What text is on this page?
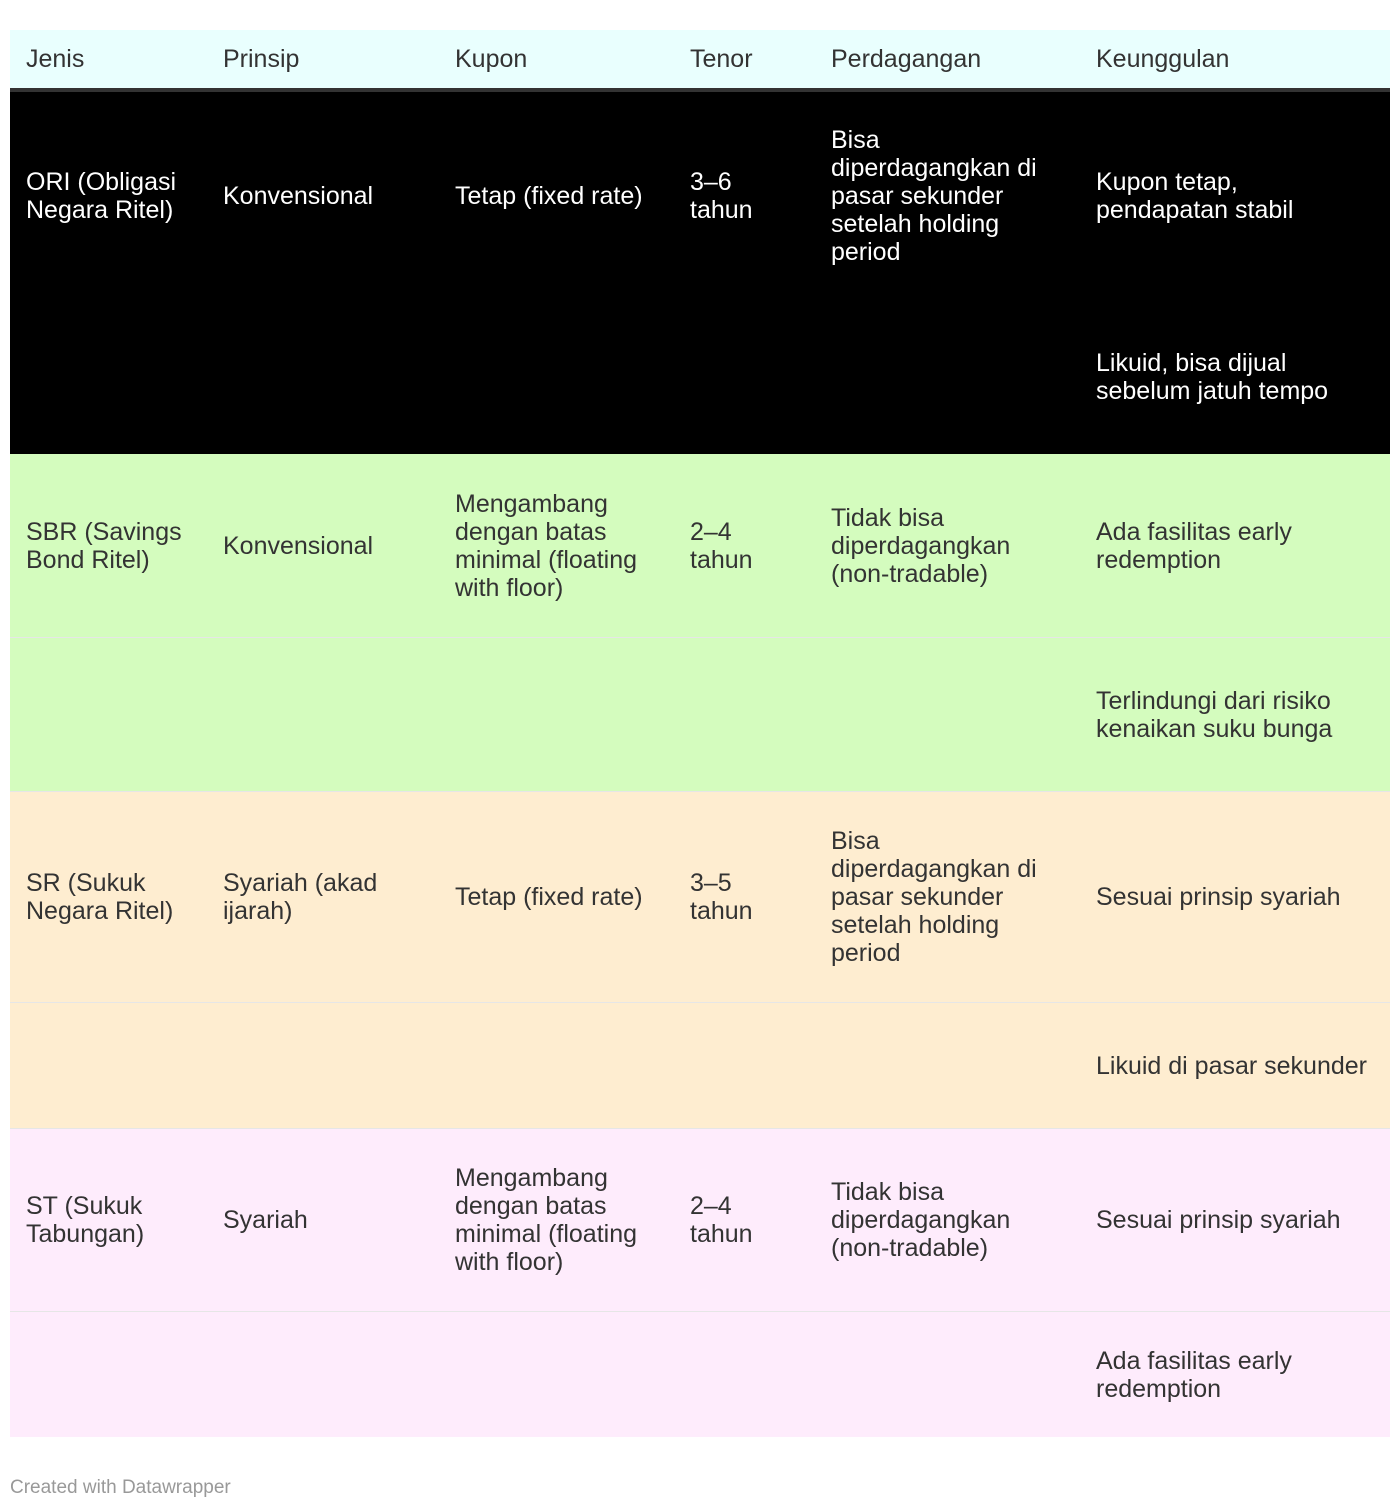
Jenis	Prinsip	Kupon	Tenor	Perdagangan	Keunggulan
ORI (Obligasi Negara Ritel)	Konvensional	Tetap (fixed rate)	3–6 tahun	Bisa diperdagangkan di pasar sekunder setelah holding period	Kupon tetap, pendapatan stabil
					Likuid, bisa dijual sebelum jatuh tempo
SBR (Savings Bond Ritel)	Konvensional	Mengambang dengan batas minimal (floating with floor)	2–4 tahun	Tidak bisa diperdagangkan (non-tradable)	Ada fasilitas early redemption
					Terlindungi dari risiko kenaikan suku bunga
SR (Sukuk Negara Ritel)	Syariah (akad ijarah)	Tetap (fixed rate)	3–5 tahun	Bisa diperdagangkan di pasar sekunder setelah holding period	Sesuai prinsip syariah
					Likuid di pasar sekunder
ST (Sukuk Tabungan)	Syariah	Mengambang dengan batas minimal (floating with floor)	2–4 tahun	Tidak bisa diperdagangkan (non-tradable)	Sesuai prinsip syariah
					Ada fasilitas early redemption
Created with Datawrapper
